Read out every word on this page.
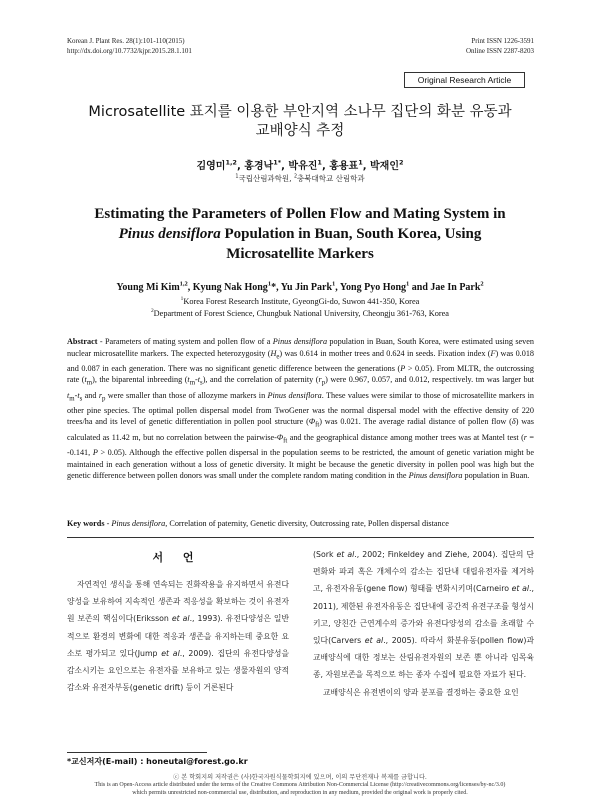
Korean J. Plant Res. 28(1):101-110(2015)
http://dx.doi.org/10.7732/kjpr.2015.28.1.101
Print ISSN 1226-3591
Online ISSN 2287-8203
Original Research Article
Microsatellite 표지를 이용한 부안지역 소나무 집단의 화분 유동과
교배양식 추정
김영미$^{1,2}$, 홍경낙$^{1*}$, 박유진$^1$, 홍용표$^1$, 박재인$^2$
$^1$국립산림과학원, $^2$충북대학교 산림학과
Estimating the Parameters of Pollen Flow and Mating System in
Pinus densiflora Population in Buan, South Korea, Using
Microsatellite Markers
Young Mi Kim$^{1,2}$, Kyung Nak Hong$^1$*, Yu Jin Park$^1$, Yong Pyo Hong$^1$ and Jae In Park$^2$
$^1$Korea Forest Research Institute, GyeongGi-do, Suwon 441-350, Korea
$^2$Department of Forest Science, Chungbuk National University, Cheongju 361-763, Korea
Abstract - Parameters of mating system and pollen flow of a Pinus densiflora population in Buan, South Korea, were estimated using seven nuclear microsatellite markers. The expected heterozygosity $(H_e)$ was 0.614 in mother trees and 0.624 in seeds. Fixation index (F) was 0.018 and 0.087 in each generation. There was no significant genetic difference between the generations (P > 0.05). From MLTR, the outcrossing rate $(t_m)$, the biparental inbreeding $(t_m-t_s)$, and the correlation of paternity $(r_p)$ were 0.967, 0.057, and 0.012, respectively. tm was larger but $t_m-t_s$ and $r_p$ were smaller than those of allozyme markers in Pinus densiflora. These values were similar to those of microsatellite markers in other pine species. The optimal pollen dispersal model from TwoGener was the normal dispersal model with the effective density of 220 trees/ha and its level of genetic differentiation in pollen pool structure $(\Phi_{ft})$ was 0.021. The average radial distance of pollen flow (δ) was calculated as 11.42 m, but no correlation between the pairwise-$\Phi_{ft}$ and the geographical distance among mother trees was at Mantel test (r = -0.141, P > 0.05). Although the effective pollen dispersal in the population seems to be restricted, the amount of genetic variation might be maintained in each generation without a loss of genetic diversity. It might be because the genetic diversity in pollen pool was high but the genetic difference between pollen donors was small under the complete random mating condition in the Pinus densiflora population in Buan.
Key words - Pinus densiflora, Correlation of paternity, Genetic diversity, Outcrossing rate, Pollen dispersal distance
서 언
자연적인 생식을 통해 연속되는 진화작용을 유지하면서 유전다양성을 보유하여 지속적인 생존과 적응성을 확보하는 것이 유전자원 보존의 핵심이다(Eriksson et al., 1993). 유전다양성은 일반적으로 환경의 변화에 대한 적응과 생존을 유지하는데 중요한 요소로 평가되고 있다(Jump et al., 2009). 집단의 유전다양성을 감소시키는 요인으로는 유전자를 보유하고 있는 생물자원의 양적 감소와 유전자부동(genetic drift) 등이 거론된다
(Sork et al., 2002; Finkeldey and Ziehe, 2004). 집단의 단편화와 파괴 혹은 개체수의 감소는 집단내 대립유전자를 제거하고, 유전자유동(gene flow) 형태를 변화시키며(Carneiro et al., 2011), 제한된 유전자유동은 집단내에 공간적 유전구조를 형성시키고, 양친간 근연계수의 증가와 유전다양성의 감소를 초래할 수 있다(Carvers et al., 2005). 따라서 화분유동(pollen flow)과 교배양식에 대한 정보는 산림유전자원의 보존 뿐 아니라 임목육종, 자원보존을 목적으로 하는 종자 수집에 필요한 자료가 된다.
교배양식은 유전변이의 양과 분포를 결정하는 중요한 요인
*교신저자(E-mail) : honeutal@forest.go.kr
ⓒ 본 학회지의 저작권은 (사)한국자원식물학회지에 있으며, 이의 무단전재나 복제를 금합니다.
This is an Open-Access article distributed under the terms of the Creative Commons Attribution Non-Commercial License (http://creativecommons.org/licenses/by-nc/3.0)
which permits unrestricted non-commercial use, distribution, and reproduction in any medium, provided the original work is properly cited.
